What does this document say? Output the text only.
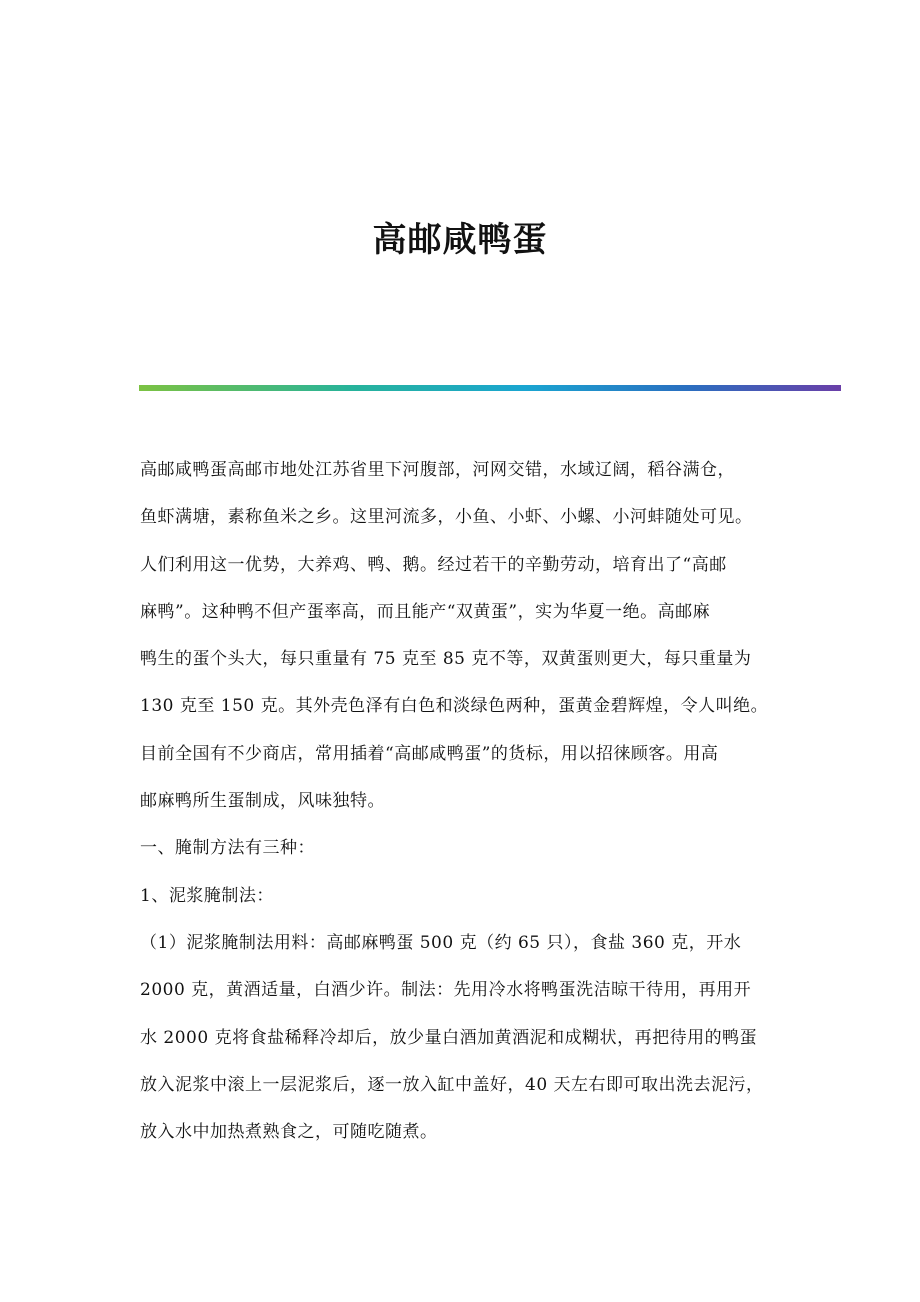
高邮咸鸭蛋
高邮咸鸭蛋高邮市地处江苏省里下河腹部，河网交错，水域辽阔，稻谷满仓，
鱼虾满塘，素称鱼米之乡。这里河流多，小鱼、小虾、小螺、小河蚌随处可见。
人们利用这一优势，大养鸡、鸭、鹅。经过若干的辛勤劳动，培育出了“高邮
麻鸭”。这种鸭不但产蛋率高，而且能产“双黄蛋”，实为华夏一绝。高邮麻
鸭生的蛋个头大，每只重量有 75 克至 85 克不等，双黄蛋则更大，每只重量为
130 克至 150 克。其外壳色泽有白色和淡绿色两种，蛋黄金碧辉煌，令人叫绝。
目前全国有不少商店，常用插着“高邮咸鸭蛋”的货标，用以招徕顾客。用高
邮麻鸭所生蛋制成，风味独特。
一、腌制方法有三种：
1、泥浆腌制法：
（1）泥浆腌制法用料：高邮麻鸭蛋 500 克（约 65 只），食盐 360 克，开水
2000 克，黄酒适量，白酒少许。制法：先用冷水将鸭蛋洗洁晾干待用，再用开
水 2000 克将食盐稀释冷却后，放少量白酒加黄酒泥和成糊状，再把待用的鸭蛋
放入泥浆中滚上一层泥浆后，逐一放入缸中盖好，40 天左右即可取出洗去泥污，
放入水中加热煮熟食之，可随吃随煮。
